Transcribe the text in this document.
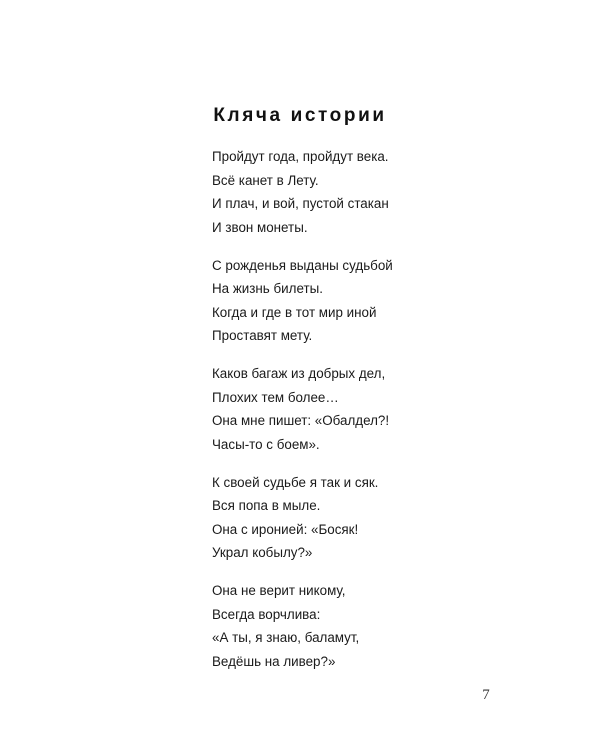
Кляча истории
Пройдут года, пройдут века.
Всё канет в Лету.
И плач, и вой, пустой стакан
И звон монеты.
С рожденья выданы судьбой
На жизнь билеты.
Когда и где в тот мир иной
Проставят мету.
Каков багаж из добрых дел,
Плохих тем более…
Она мне пишет: «Обалдел?!
Часы-то с боем».
К своей судьбе я так и сяк.
Вся попа в мыле.
Она с иронией: «Босяк!
Украл кобылу?»
Она не верит никому,
Всегда ворчлива:
«А ты, я знаю, баламут,
Ведёшь на ливер?»
7
